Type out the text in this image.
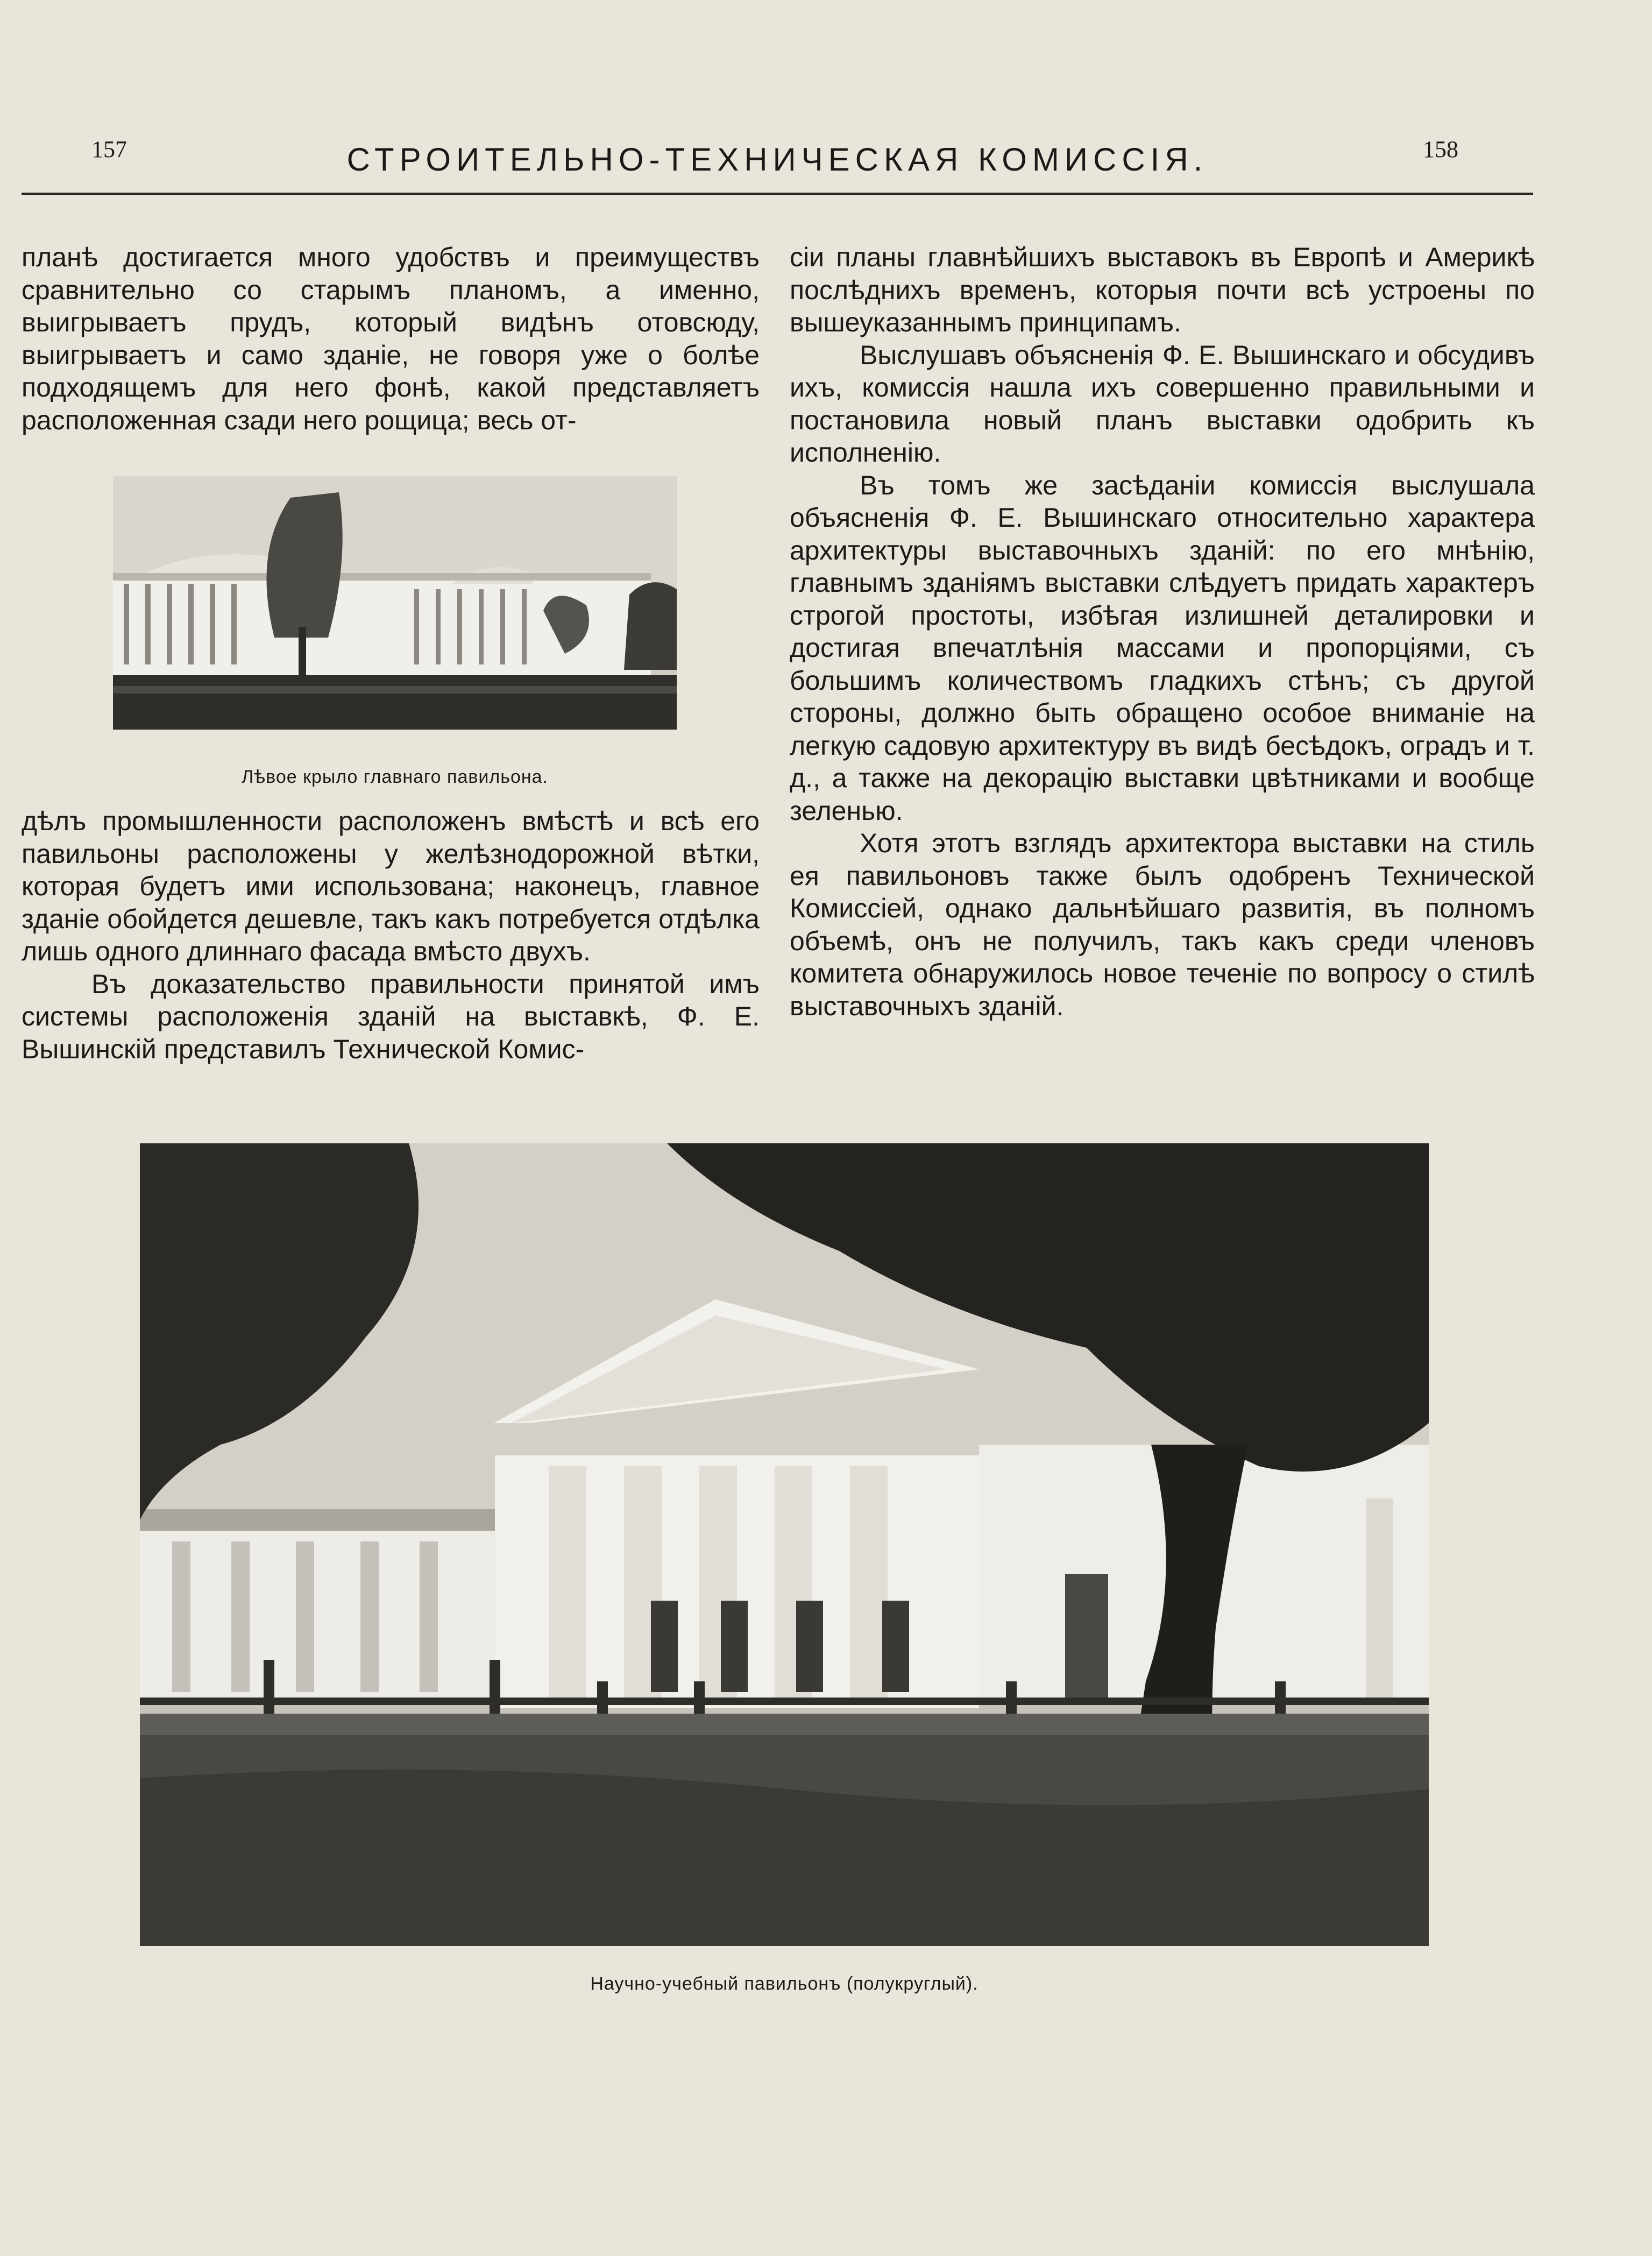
157	СТРОИТЕЛЬНО-ТЕХНИЧЕСКАЯ КОМИССІЯ.	158

планѣ достигается много удобствъ и преимуществъ сравнительно со старымъ планомъ, а именно, выигрываетъ прудъ, который видѣнъ отовсюду, выигрываетъ и само зданіе, не говоря уже о болѣе подходящемъ для него фонѣ, какой представляетъ расположенная сзади него рощица; весь от-

Лѣвое крыло главнаго павильона.

дѣлъ промышленности расположенъ вмѣстѣ и всѣ его павильоны расположены у желѣзнодорожной вѣтки, которая будетъ ими использована; наконецъ, главное зданіе обойдется дешевле, такъ какъ потребуется отдѣлка лишь одного длиннаго фасада вмѣсто двухъ.

Въ доказательство правильности принятой имъ системы расположенія зданій на выставкѣ, Ф. Е. Вышинскій представилъ Технической Комис-

сіи планы главнѣйшихъ выставокъ въ Европѣ и Америкѣ послѣднихъ временъ, которыя почти всѣ устроены по вышеуказаннымъ принципамъ.

Выслушавъ объясненія Ф. Е. Вышинскаго и обсудивъ ихъ, комиссія нашла ихъ совершенно правильными и постановила новый планъ выставки одобрить къ исполненію.

Въ томъ же засѣданіи комиссія выслушала объясненія Ф. Е. Вышинскаго относительно характера архитектуры выставочныхъ зданій: по его мнѣнію, главнымъ зданіямъ выставки слѣдуетъ придать характеръ строгой простоты, избѣгая излишней деталировки и достигая впечатлѣнія массами и пропорціями, съ большимъ количествомъ гладкихъ стѣнъ; съ другой стороны, должно быть обращено особое вниманіе на легкую садовую архитектуру въ видѣ бесѣдокъ, оградъ и т. д., а также на декорацію выставки цвѣтниками и вообще зеленью.

Хотя этотъ взглядъ архитектора выставки на стиль ея павильоновъ также былъ одобренъ Технической Комиссіей, однако дальнѣйшаго развитія, въ полномъ объемѣ, онъ не получилъ, такъ какъ среди членовъ комитета обнаружилось новое теченіе по вопросу о стилѣ выставочныхъ зданій.

Научно-учебный павильонъ (полукруглый).
